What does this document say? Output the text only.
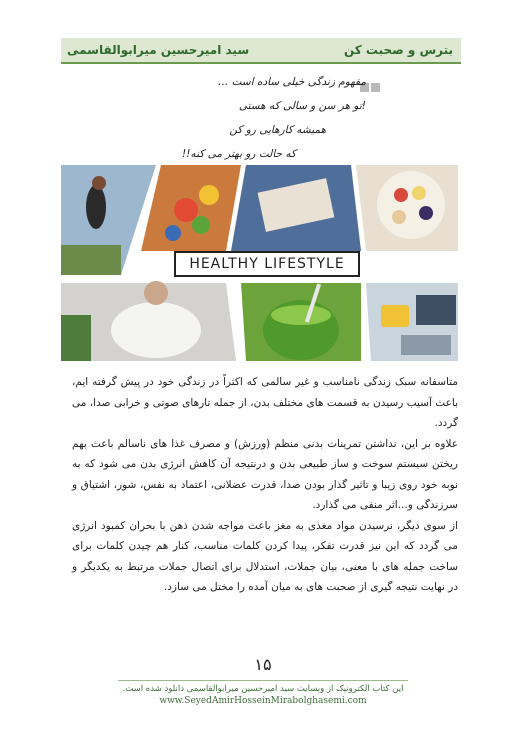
بترس و صحبت کن
سید امیرحسین میرابوالقاسمی
مفهوم زندگی خیلی ساده است ...
!تو هر سن و سالی که هستی
همیشه کارهایی رو کن
که حالت رو بهتر می کنه!!
HEALTHY LIFESTYLE

متاسفانه سبک زندگی نامناسب و غیر سالمی که اکثراً در زندگی خود در پیش گرفته ایم، باعث آسیب رسیدن به قسمت های مختلف بدن، از جمله تارهای صوتی و خرابی صدا، می گردد.

علاوه بر این، نداشتن تمرینات بدنی منظم (ورزش) و مصرف غذا های ناسالم باعث بهم ریختن سیستم سوخت و ساز طبیعی بدن و درنتیجه آن کاهش انرژی بدن می شود که به نوبه خود روی زیبا و تاثیر گذار بودن صدا، قدرت عضلانی، اعتماد به نفس، شور، اشتیاق و سرزندگی و...اثر منفی می گذارد.

از سوی دیگر، نرسیدن مواد مغذی به مغز باعث مواجه شدن ذهن با بحران کمبود انرژی می گردد که این نیز قدرت تفکر، پیدا کردن کلمات مناسب، کنار هم چیدن کلمات برای ساخت جمله های با معنی، بیان جملات، استدلال برای اتصال جملات مرتبط به یکدیگر و در نهایت نتیجه گیری از صحبت های به میان آمده را مختل می سازد.

۱۵
این کتاب الکترونیک از وبسایت سید امیرحسین میرابوالقاسمی دانلود شده است.
www.SeyedAmirHosseinMirabolghasemi.com
